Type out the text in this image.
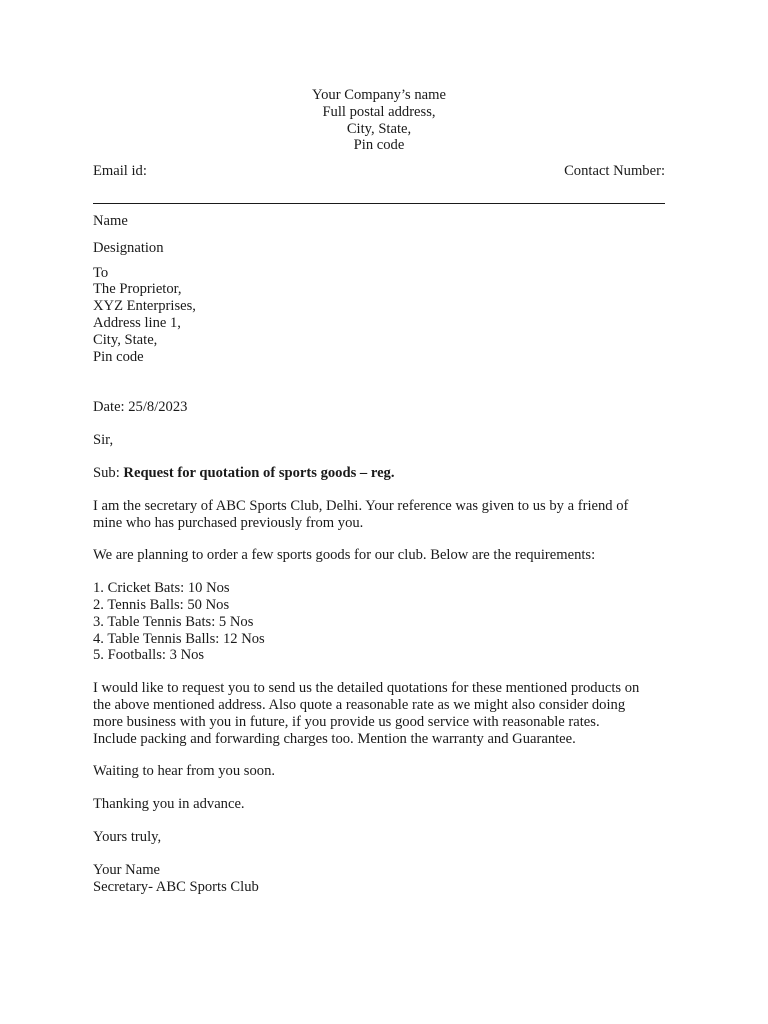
Your Company’s name
Full postal address,
City, State,
Pin code
Email id:	Contact Number:
Name
Designation
To
The Proprietor,
XYZ Enterprises,
Address line 1,
City, State,
Pin code
Date: 25/8/2023
Sir,
Sub: Request for quotation of sports goods – reg.
I am the secretary of ABC Sports Club, Delhi. Your reference was given to us by a friend of
mine who has purchased previously from you.
We are planning to order a few sports goods for our club. Below are the requirements:
1. Cricket Bats: 10 Nos
2. Tennis Balls: 50 Nos
3. Table Tennis Bats: 5 Nos
4. Table Tennis Balls: 12 Nos
5. Footballs: 3 Nos
I would like to request you to send us the detailed quotations for these mentioned products on
the above mentioned address. Also quote a reasonable rate as we might also consider doing
more business with you in future, if you provide us good service with reasonable rates.
Include packing and forwarding charges too. Mention the warranty and Guarantee.
Waiting to hear from you soon.
Thanking you in advance.
Yours truly,
Your Name
Secretary- ABC Sports Club
